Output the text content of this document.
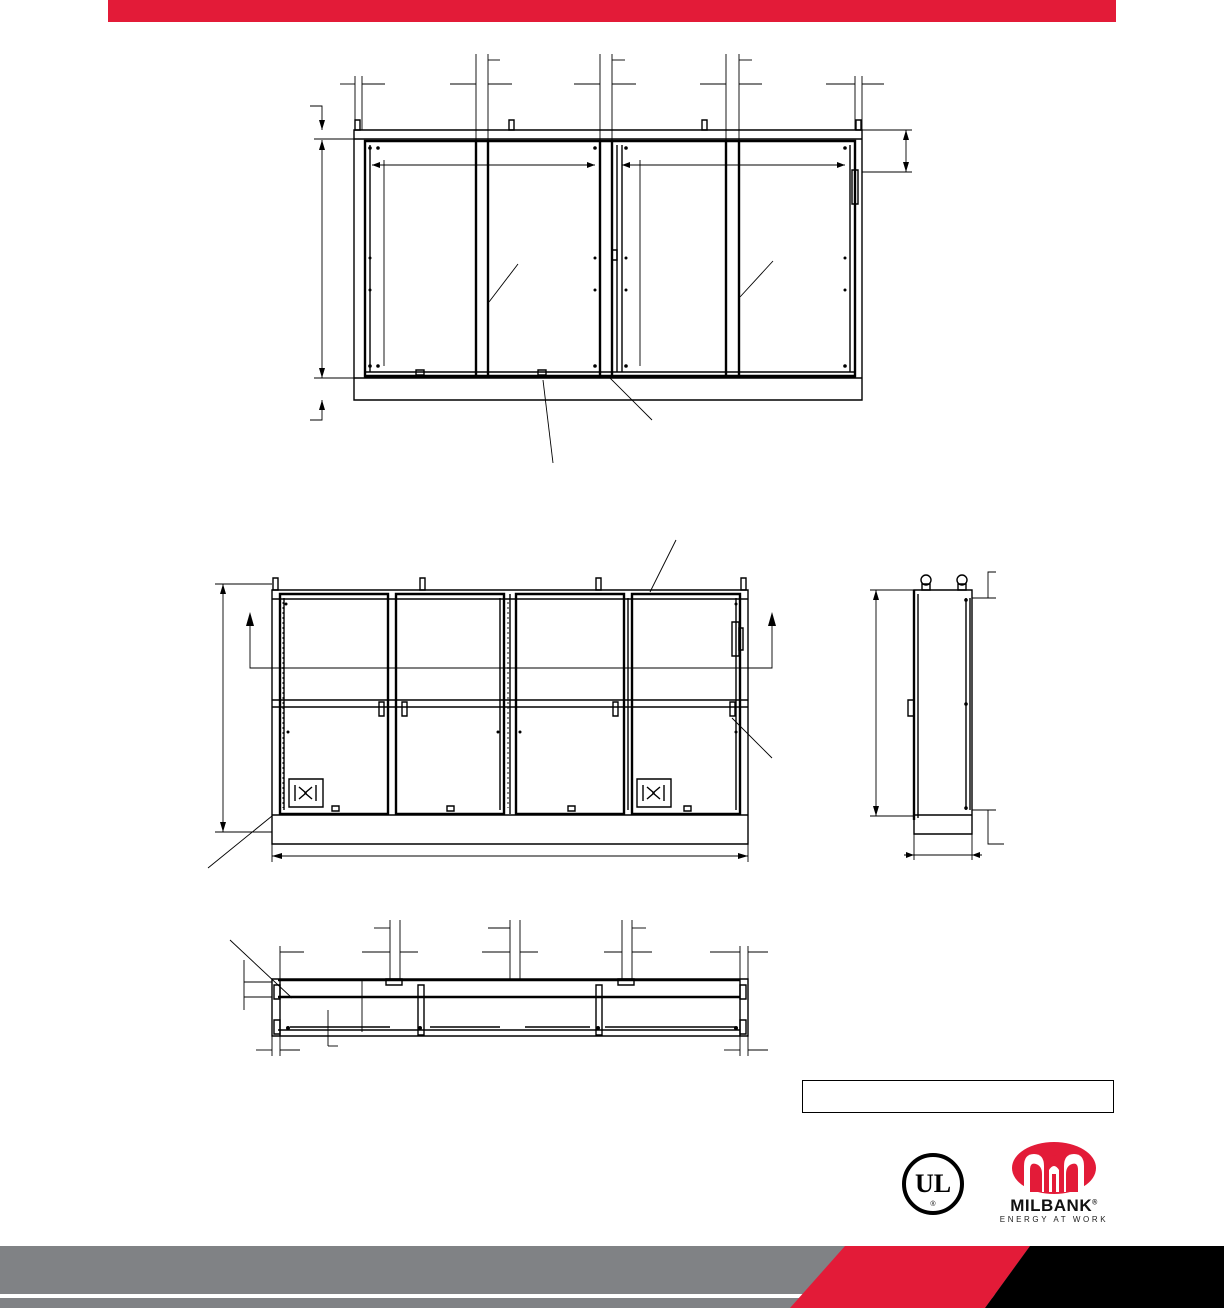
UL
®	MILBANK®
ENERGY AT WORK
